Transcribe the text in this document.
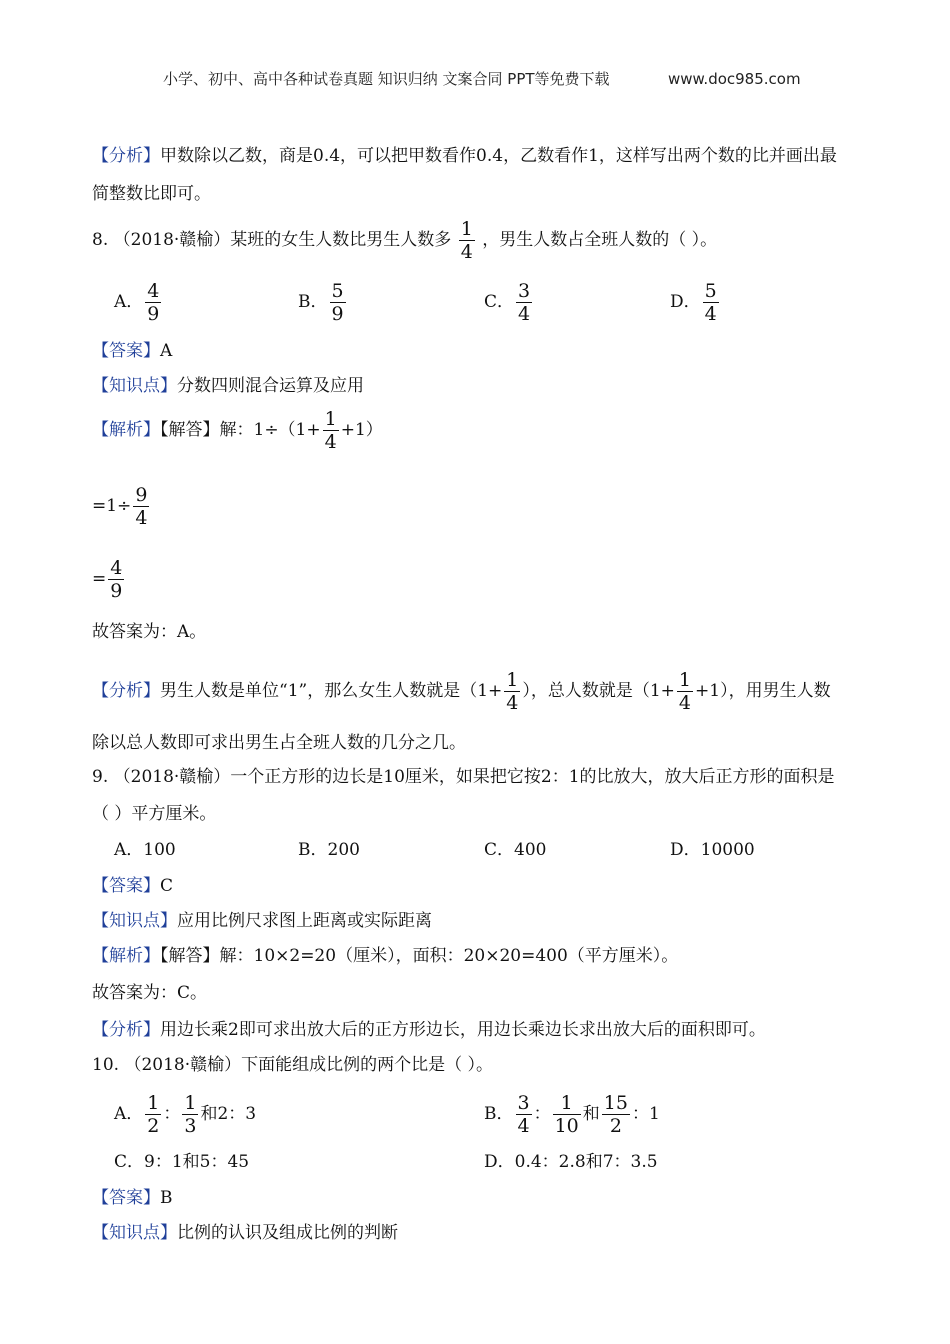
小学、初中、高中各种试卷真题 知识归纳 文案合同 PPT等免费下载	www.doc985.com
【分析】甲数除以乙数，商是0.4，可以把甲数看作0.4，乙数看作1，这样写出两个数的比并画出最
简整数比即可。
8. （2018·赣榆）某班的女生人数比男生人数多 $\frac{1}{4}$ ，男生人数占全班人数的（ ）。
A． $\frac{4}{9}$	B． $\frac{5}{9}$	C． $\frac{3}{4}$	D． $\frac{5}{4}$
【答案】A
【知识点】分数四则混合运算及应用
【解析】【解答】解：$1\div(1+ \frac{1}{4} +1)$
$=1\div \frac{9}{4}$
= $\frac{4}{9}$
故答案为：A。
【分析】男生人数是单位“1”，那么女生人数就是（$1+ \frac{1}{4}$ ），总人数就是$(1+ \frac{1}{4} +1)$，用男生人数
除以总人数即可求出男生占全班人数的几分之几。
9. （2018·赣榆）一个正方形的边长是10厘米，如果把它按2：1的比放大，放大后正方形的面积是
（ ）平方厘米。
A．100	B．200	C．400	D．10000
【答案】C
【知识点】应用比例尺求图上距离或实际距离
【解析】【解答】解：10×2=20（厘米），面积：20×20=400（平方厘米）。
故答案为：C。
【分析】用边长乘2即可求出放大后的正方形边长，用边长乘边长求出放大后的面积即可。
10. （2018·赣榆）下面能组成比例的两个比是（ ）。
A． $\frac{1}{2}$ ： $\frac{1}{3}$ 和2：3	B． $\frac{3}{4}$ ： $\frac{1}{10}$ 和 $\frac{15}{2}$ ：1
C．9：1和5：45	D．0.4：2.8和7：3.5
【答案】B
【知识点】比例的认识及组成比例的判断
